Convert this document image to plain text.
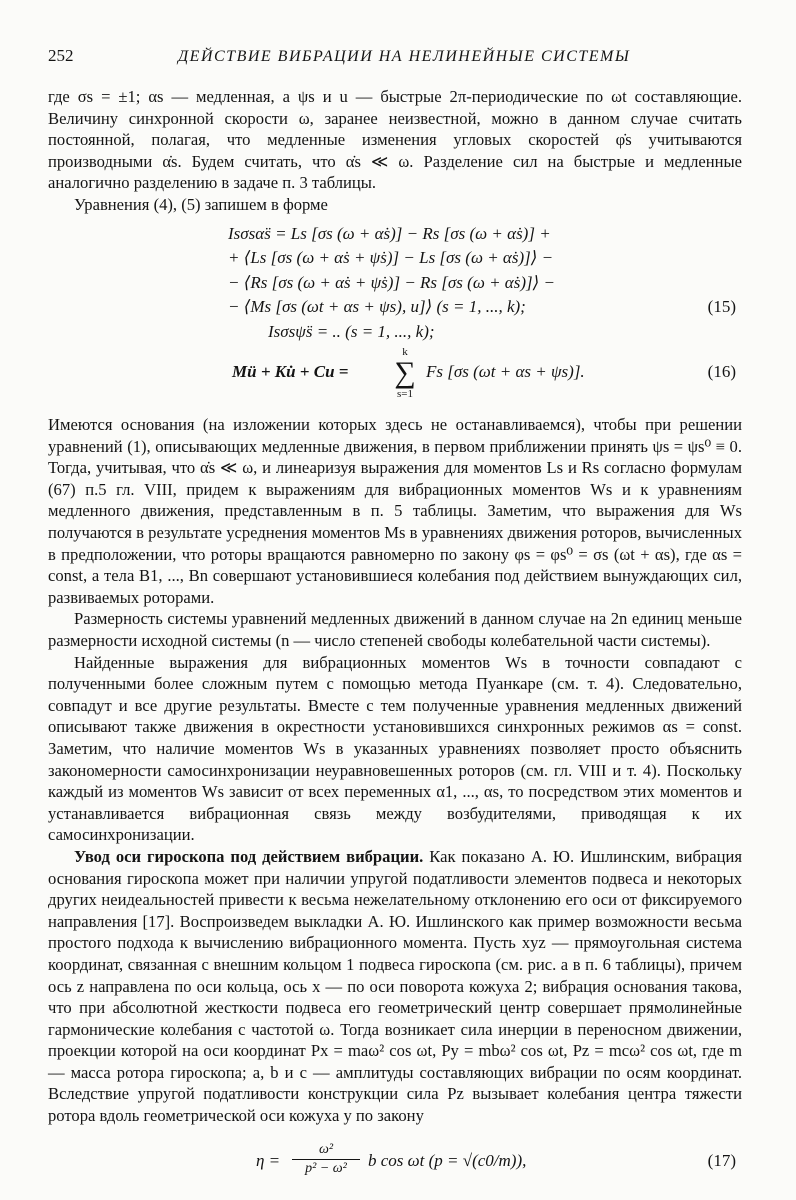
252	ДЕЙСТВИЕ ВИБРАЦИИ НА НЕЛИНЕЙНЫЕ СИСТЕМЫ

где σs = ±1; αs — медленная, а ψs и u — быстрые 2π-периодические по ωt составляющие. Величину синхронной скорости ω, заранее неизвестной, можно в данном случае считать постоянной, полагая, что медленные изменения угловых скоростей φ̇s учитываются производными α̇s. Будем считать, что α̇s ≪ ω. Разделение сил на быстрые и медленные аналогично разделению в задаче п. 3 таблицы.

Уравнения (4), (5) запишем в форме

Isσsα̈s = Ls [σs (ω + α̇s)] − Rs [σs (ω + α̇s)] +
+ ⟨Ls [σs (ω + α̇s + ψ̇s)] − Ls [σs (ω + α̇s)]⟩ −
− ⟨Rs [σs (ω + α̇s + ψ̇s)] − Rs [σs (ω + α̇s)]⟩ −
− ⟨Ms [σs (ωt + αs + ψs), u]⟩ (s = 1, ..., k);	(15)
Isσsψ̈s = .. (s = 1, ..., k);
Mü + Ku̇ + Cu =
k
∑
s=1
Fs [σs (ωt + αs + ψs)].	(16)

Имеются основания (на изложении которых здесь не останавливаемся), чтобы при решении уравнений (1), описывающих медленные движения, в первом приближении принять ψs = ψs⁰ ≡ 0. Тогда, учитывая, что α̇s ≪ ω, и линеаризуя выражения для моментов Ls и Rs согласно формулам (67) п.5 гл. VIII, придем к выражениям для вибрационных моментов Ws и к уравнениям медленного движения, представленным в п. 5 таблицы. Заметим, что выражения для Ws получаются в результате усреднения моментов Ms в уравнениях движения роторов, вычисленных в предположении, что роторы вращаются равномерно по закону φs = φs⁰ = σs (ωt + αs), где αs = const, а тела B1, ..., Bn совершают установившиеся колебания под действием вынуждающих сил, развиваемых роторами.

Размерность системы уравнений медленных движений в данном случае на 2n единиц меньше размерности исходной системы (n — число степеней свободы колебательной части системы).

Найденные выражения для вибрационных моментов Ws в точности совпадают с полученными более сложным путем с помощью метода Пуанкаре (см. т. 4). Следовательно, совпадут и все другие результаты. Вместе с тем полученные уравнения медленных движений описывают также движения в окрестности установившихся синхронных режимов αs = const. Заметим, что наличие моментов Ws в указанных уравнениях позволяет просто объяснить закономерности самосинхронизации неуравновешенных роторов (см. гл. VIII и т. 4). Поскольку каждый из моментов Ws зависит от всех переменных α1, ..., αs, то посредством этих моментов и устанавливается вибрационная связь между возбудителями, приводящая к их самосинхронизации.

Увод оси гироскопа под действием вибрации. Как показано А. Ю. Ишлинским, вибрация основания гироскопа может при наличии упругой податливости элементов подвеса и некоторых других неидеальностей привести к весьма нежелательному отклонению его оси от фиксируемого направления [17]. Воспроизведем выкладки А. Ю. Ишлинского как пример возможности весьма простого подхода к вычислению вибрационного момента. Пусть xyz — прямоугольная система координат, связанная с внешним кольцом 1 подвеса гироскопа (см. рис. a в п. 6 таблицы), причем ось z направлена по оси кольца, ось x — по оси поворота кожуха 2; вибрация основания такова, что при абсолютной жесткости подвеса его геометрический центр совершает прямолинейные гармонические колебания с частотой ω. Тогда возникает сила инерции в переносном движении, проекции которой на оси координат Px = maω² cos ωt, Py = mbω² cos ωt, Pz = mcω² cos ωt, где m — масса ротора гироскопа; a, b и c — амплитуды составляющих вибрации по осям координат. Вследствие упругой податливости конструкции сила Pz вызывает колебания центра тяжести ротора вдоль геометрической оси кожуха y по закону

$\eta = \frac{\text{ω²}}{\text{p² − ω²}}$ b cos ωt (p = √(c0/m)),	(17)
